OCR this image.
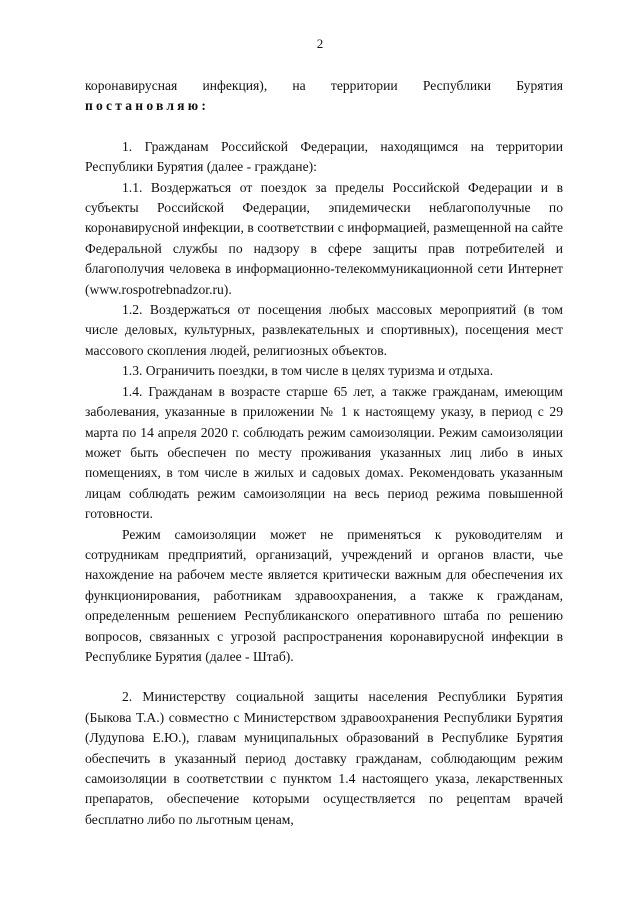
2

коронавирусная инфекция), на территории Республики Бурятия постановляю:

1. Гражданам Российской Федерации, находящимся на территории Республики Бурятия (далее - граждане):

1.1. Воздержаться от поездок за пределы Российской Федерации и в субъекты Российской Федерации, эпидемически неблагополучные по коронавирусной инфекции, в соответствии с информацией, размещенной на сайте Федеральной службы по надзору в сфере защиты прав потребителей и благополучия человека в информационно-телекоммуникационной сети Интернет (www.rospotrebnadzor.ru).

1.2. Воздержаться от посещения любых массовых мероприятий (в том числе деловых, культурных, развлекательных и спортивных), посещения мест массового скопления людей, религиозных объектов.

1.3. Ограничить поездки, в том числе в целях туризма и отдыха.

1.4. Гражданам в возрасте старше 65 лет, а также гражданам, имеющим заболевания, указанные в приложении № 1 к настоящему указу, в период с 29 марта по 14 апреля 2020 г. соблюдать режим самоизоляции. Режим самоизоляции может быть обеспечен по месту проживания указанных лиц либо в иных помещениях, в том числе в жилых и садовых домах. Рекомендовать указанным лицам соблюдать режим самоизоляции на весь период режима повышенной готовности.

Режим самоизоляции может не применяться к руководителям и сотрудникам предприятий, организаций, учреждений и органов власти, чье нахождение на рабочем месте является критически важным для обеспечения их функционирования, работникам здравоохранения, а также к гражданам, определенным решением Республиканского оперативного штаба по решению вопросов, связанных с угрозой распространения коронавирусной инфекции в Республике Бурятия (далее - Штаб).

2. Министерству социальной защиты населения Республики Бурятия (Быкова Т.А.) совместно с Министерством здравоохранения Республики Бурятия (Лудупова Е.Ю.), главам муниципальных образований в Республике Бурятия обеспечить в указанный период доставку гражданам, соблюдающим режим самоизоляции в соответствии с пунктом 1.4 настоящего указа, лекарственных препаратов, обеспечение которыми осуществляется по рецептам врачей бесплатно либо по льготным ценам,
